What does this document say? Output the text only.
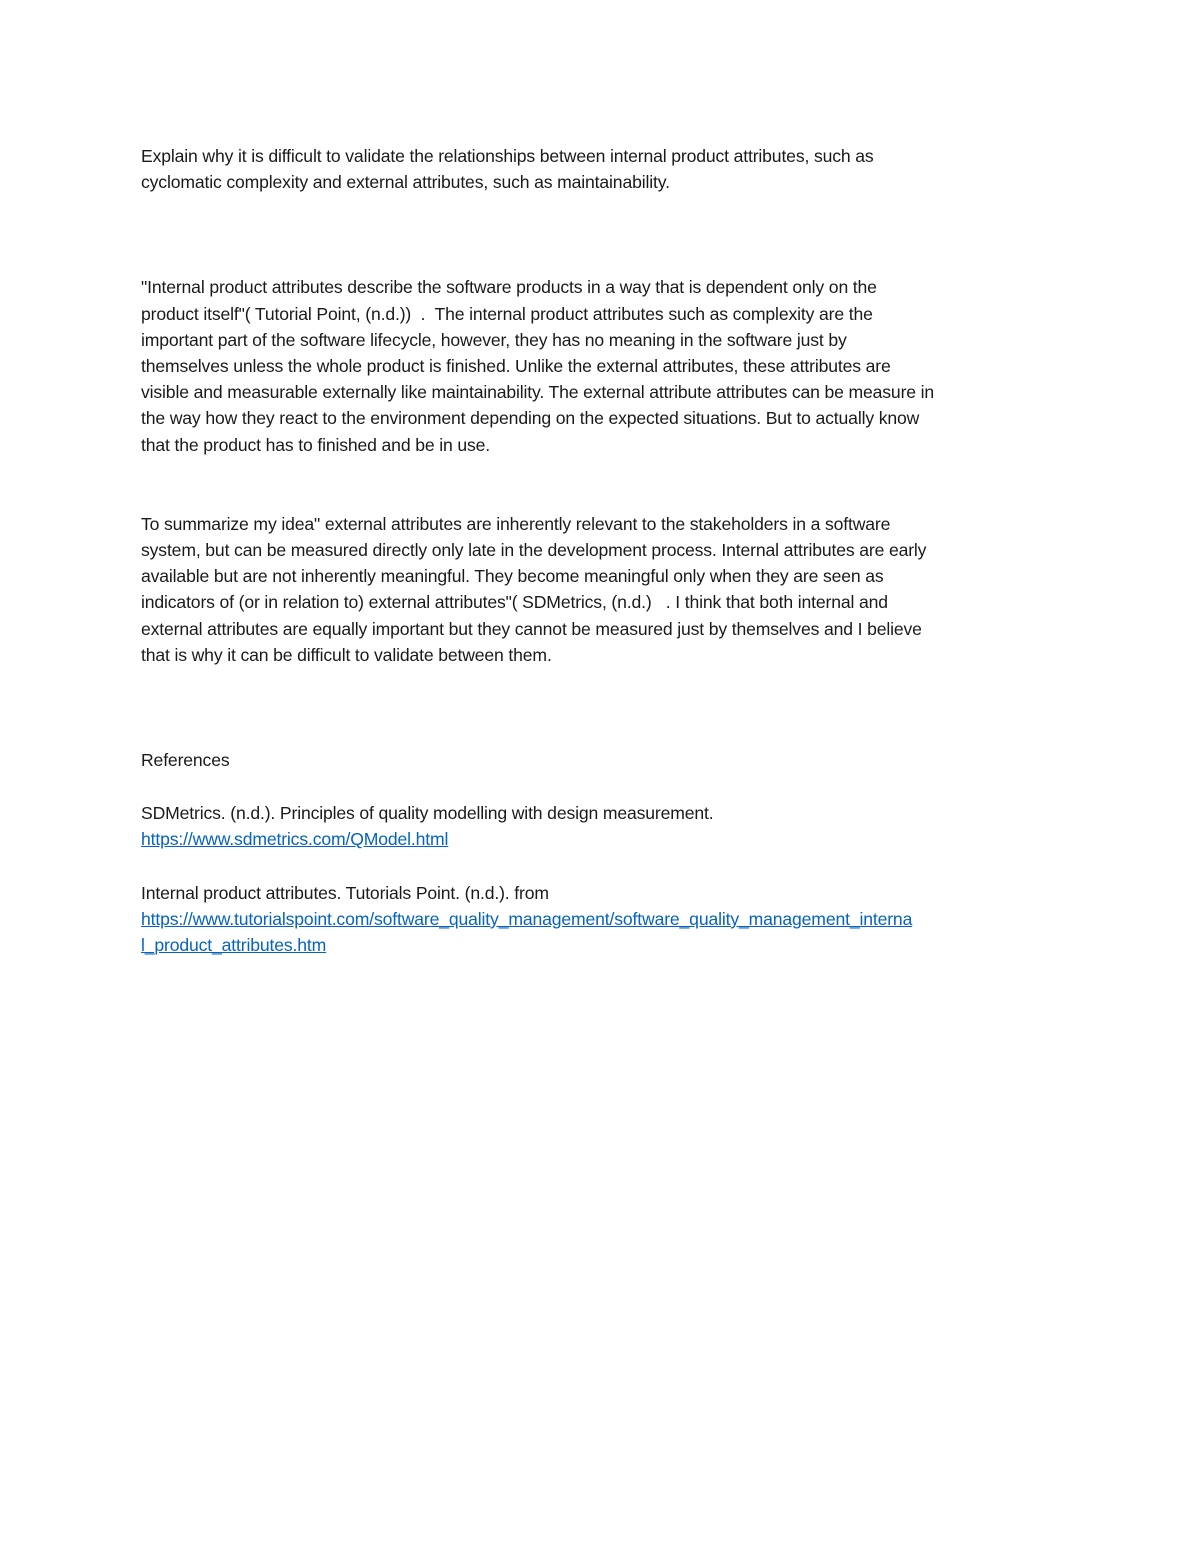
Explain why it is difficult to validate the relationships between internal product attributes, such as
cyclomatic complexity and external attributes, such as maintainability.
"Internal product attributes describe the software products in a way that is dependent only on the
product itself"( Tutorial Point, (n.d.))  .  The internal product attributes such as complexity are the
important part of the software lifecycle, however, they has no meaning in the software just by
themselves unless the whole product is finished. Unlike the external attributes, these attributes are
visible and measurable externally like maintainability. The external attribute attributes can be measure in
the way how they react to the environment depending on the expected situations. But to actually know
that the product has to finished and be in use.
To summarize my idea" external attributes are inherently relevant to the stakeholders in a software
system, but can be measured directly only late in the development process. Internal attributes are early
available but are not inherently meaningful. They become meaningful only when they are seen as
indicators of (or in relation to) external attributes"( SDMetrics, (n.d.)   . I think that both internal and
external attributes are equally important but they cannot be measured just by themselves and I believe
that is why it can be difficult to validate between them.
References
SDMetrics. (n.d.). Principles of quality modelling with design measurement.
https://www.sdmetrics.com/QModel.html
Internal product attributes. Tutorials Point. (n.d.). from
https://www.tutorialspoint.com/software_quality_management/software_quality_management_interna
l_product_attributes.htm
